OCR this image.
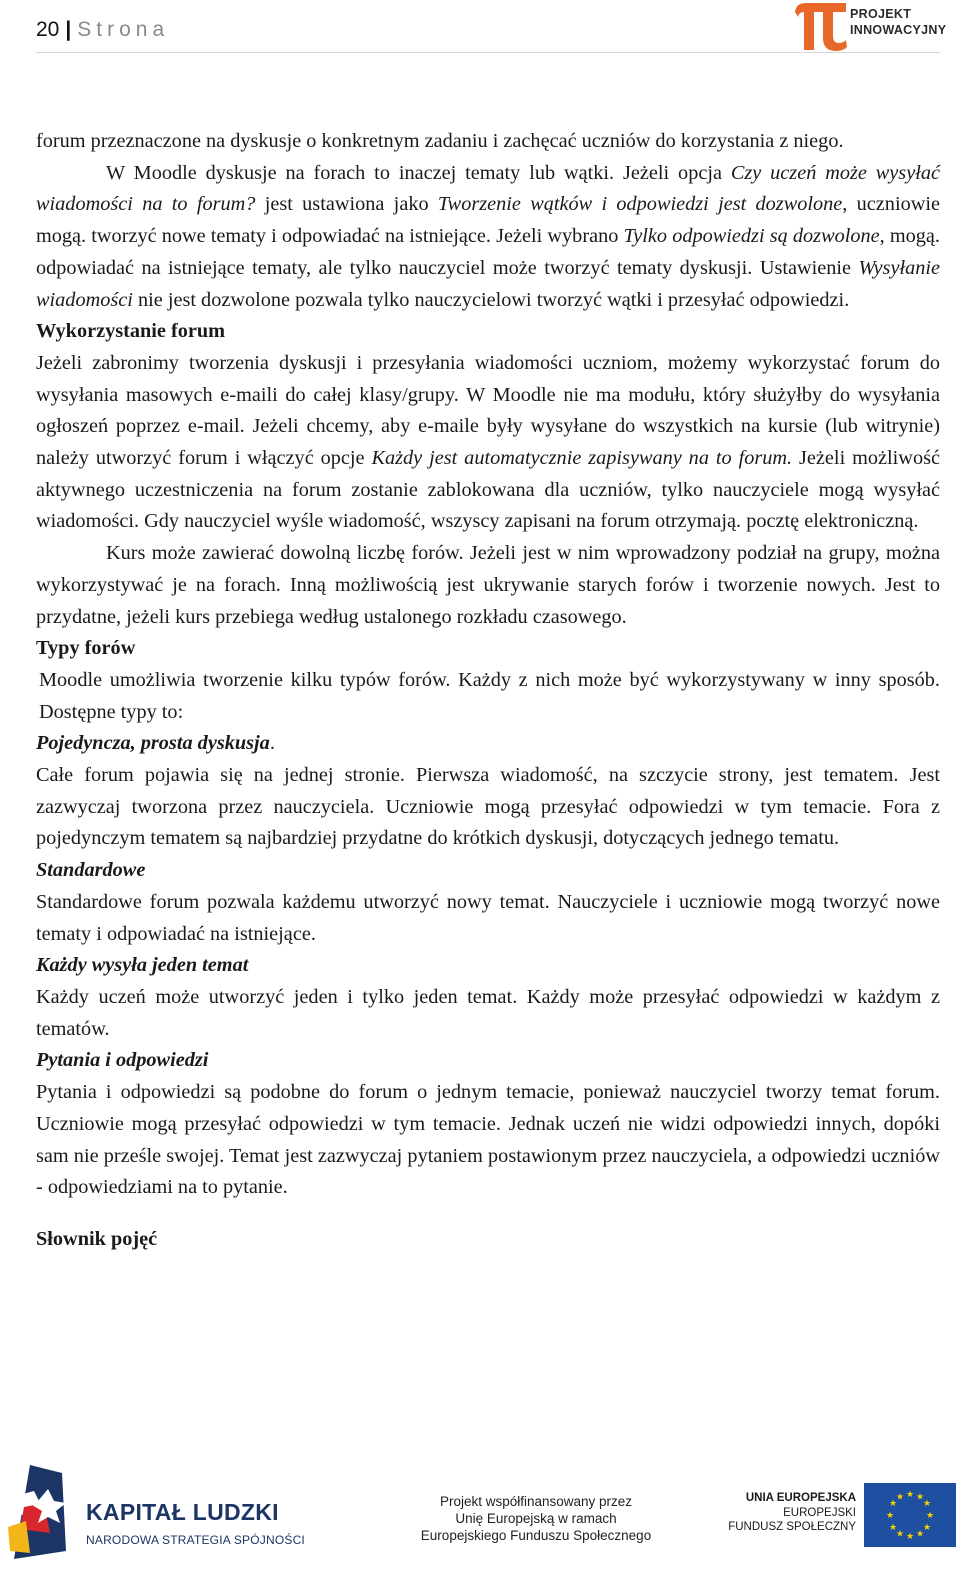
20 | Strona
PROJEKT
INNOWACYJNY

forum przeznaczone na dyskusje o konkretnym zadaniu i zachęcać uczniów do korzystania z niego.

W Moodle dyskusje na forach to inaczej tematy lub wątki. Jeżeli opcja Czy uczeń może wysyłać wiadomości na to forum? jest ustawiona jako Tworzenie wątków i odpowiedzi jest dozwolone, uczniowie mogą. tworzyć nowe tematy i odpowiadać na istniejące. Jeżeli wybrano Tylko odpowiedzi są dozwolone, mogą. odpowiadać na istniejące tematy, ale tylko nauczyciel może tworzyć tematy dyskusji. Ustawienie Wysyłanie wiadomości nie jest dozwolone pozwala tylko nauczycielowi tworzyć wątki i przesyłać odpowiedzi.

Wykorzystanie forum

Jeżeli zabronimy tworzenia dyskusji i przesyłania wiadomości uczniom, możemy wykorzystać forum do wysyłania masowych e-maili do całej klasy/grupy. W Moodle nie ma modułu, który służyłby do wysyłania ogłoszeń poprzez e-mail. Jeżeli chcemy, aby e-maile były wysyłane do wszystkich na kursie (lub witrynie) należy utworzyć forum i włączyć opcje Każdy jest automatycznie zapisywany na to forum. Jeżeli możliwość aktywnego uczestniczenia na forum zostanie zablokowana dla uczniów, tylko nauczyciele mogą wysyłać wiadomości. Gdy nauczyciel wyśle wiadomość, wszyscy zapisani na forum otrzymają. pocztę elektroniczną.

Kurs może zawierać dowolną liczbę forów. Jeżeli jest w nim wprowadzony podział na grupy, można wykorzystywać je na forach. Inną możliwością jest ukrywanie starych forów i tworzenie nowych. Jest to przydatne, jeżeli kurs przebiega według ustalonego rozkładu czasowego.

Typy forów

Moodle umożliwia tworzenie kilku typów forów. Każdy z nich może być wykorzystywany w inny sposób. Dostępne typy to:

Pojedyncza, prosta dyskusja.

Całe forum pojawia się na jednej stronie. Pierwsza wiadomość, na szczycie strony, jest tematem. Jest zazwyczaj tworzona przez nauczyciela. Uczniowie mogą przesyłać odpowiedzi w tym temacie. Fora z pojedynczym tematem są najbardziej przydatne do krótkich dyskusji, dotyczących jednego tematu.

Standardowe

Standardowe forum pozwala każdemu utworzyć nowy temat. Nauczyciele i uczniowie mogą tworzyć nowe tematy i odpowiadać na istniejące.

Każdy wysyła jeden temat

Każdy uczeń może utworzyć jeden i tylko jeden temat. Każdy może przesyłać odpowiedzi w każdym z tematów.

Pytania i odpowiedzi

Pytania i odpowiedzi są podobne do forum o jednym temacie, ponieważ nauczyciel tworzy temat forum. Uczniowie mogą przesyłać odpowiedzi w tym temacie. Jednak uczeń nie widzi odpowiedzi innych, dopóki sam nie prześle swojej. Temat jest zazwyczaj pytaniem postawionym przez nauczyciela, a odpowiedzi uczniów - odpowiedziami na to pytanie.

Słownik pojęć
KAPITAŁ LUDZKI
NARODOWA STRATEGIA SPÓJNOŚCI
Projekt współfinansowany przez
Unię Europejską w ramach
Europejskiego Funduszu Społecznego
UNIA EUROPEJSKA
EUROPEJSKI
FUNDUSZ SPOŁECZNY
★ ★
★
★
★
★
★
★
★
★
★
★
